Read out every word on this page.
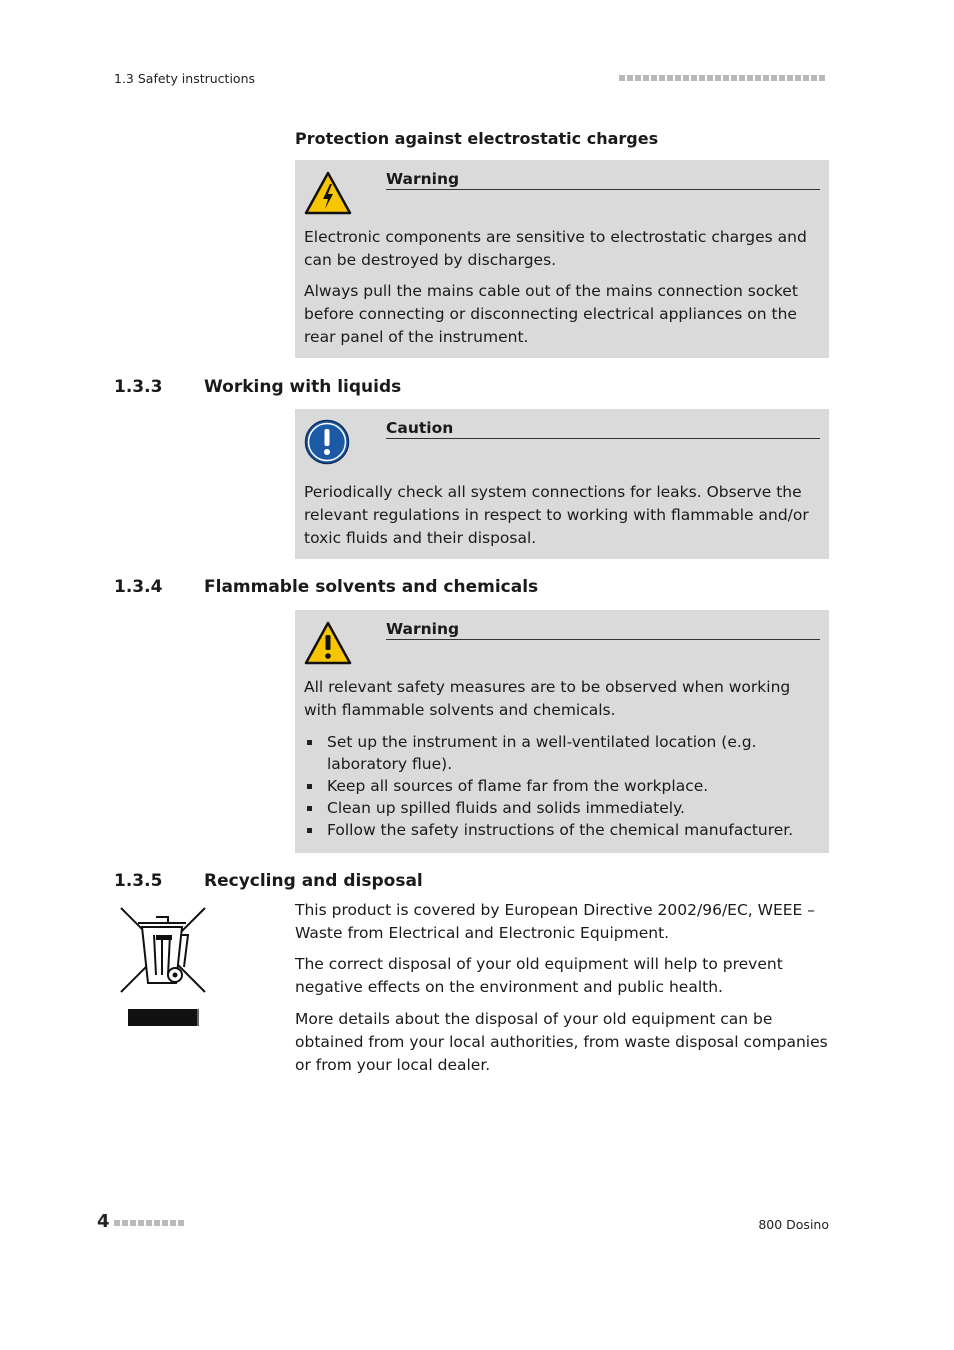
1.3 Safety instructions
Protection against electrostatic charges
Warning

Electronic components are sensitive to electrostatic charges and can be destroyed by discharges.

Always pull the mains cable out of the mains connection socket before connecting or disconnecting electrical appliances on the rear panel of the instrument.

1.3.3 Working with liquids
Caution

Periodically check all system connections for leaks. Observe the relevant regulations in respect to working with flammable and/or toxic fluids and their disposal.

1.3.4 Flammable solvents and chemicals
Warning

All relevant safety measures are to be observed when working with flammable solvents and chemicals.

Set up the instrument in a well-ventilated location (e.g. laboratory flue).
Keep all sources of flame far from the workplace.
Clean up spilled fluids and solids immediately.
Follow the safety instructions of the chemical manufacturer.
1.3.5 Recycling and disposal
This product is covered by European Directive 2002/96/EC, WEEE – Waste from Electrical and Electronic Equipment.
The correct disposal of your old equipment will help to prevent negative effects on the environment and public health.
More details about the disposal of your old equipment can be obtained from your local authorities, from waste disposal companies or from your local dealer.
4	800 Dosino
